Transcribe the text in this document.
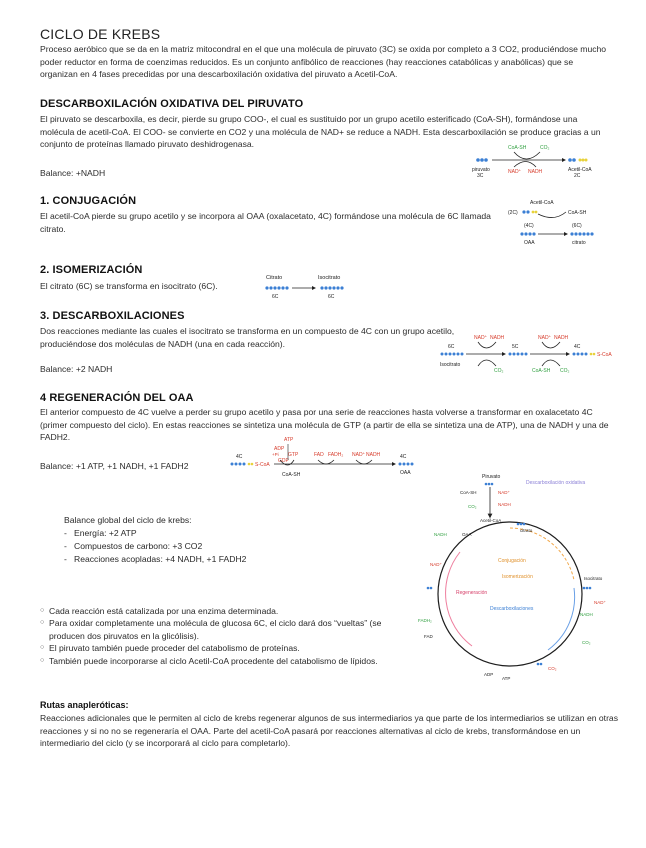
CICLO DE KREBS
Proceso aeróbico que se da en la matriz mitocondral en el que una molécula de piruvato (3C) se oxida por completo a 3 CO2, produciéndose mucho poder reductor en forma de coenzimas reducidos. Es un conjunto anfibólico de reacciones (hay reacciones catabólicas y anabólicas) que se organizan en 4 fases precedidas por una descarboxilación oxidativa del piruvato a Acetil-CoA.
DESCARBOXILACIÓN OXIDATIVA DEL PIRUVATO
El piruvato se descarboxila, es decir, pierde su grupo COO-, el cual es sustituido por un grupo acetilo esterificado (CoA-SH), formándose una molécula de acetil-CoA. El COO- se convierte en CO2 y una molécula de NAD+ se reduce a NADH. Esta descarboxilación se produce gracias a un conjunto de proteínas llamado piruvato deshidrogenasa.
Balance: +NADH
CoA-SH	CO₂
piruvato
3C
NAD⁺ NADH	Acetil-CoA
2C
1. CONJUGACIÓN
El acetil-CoA pierde su grupo acetilo y se incorpora al OAA (oxalacetato, 4C) formándose una molécula de 6C llamada citrato.
Acetil-CoA
(2C)	CoA-SH
(4C)	(6C)
OAA	citrato
2. ISOMERIZACIÓN
El citrato (6C) se transforma en isocitrato (6C).
Citrato	Isocitrato
6C	6C
3. DESCARBOXILACIONES
Dos reacciones mediante las cuales el isocitrato se transforma en un compuesto de 4C con un grupo acetilo, produciéndose dos moléculas de NADH (una en cada reacción).
Balance: +2 NADH
NAD⁺ NADH	NAD⁺ NADH
6C	5C	4C
S-CoA
Isocitrato
CO₂	CoA-SH CO₂
4 REGENERACIÓN DEL OAA
El anterior compuesto de 4C vuelve a perder su grupo acetilo y pasa por una serie de reacciones hasta volverse a transformar en oxalacetato 4C (primer compuesto del ciclo). En estas reacciones se sintetiza una molécula de GTP (a partir de ella se sintetiza una de ATP), una de NADH y una de FADH2.
Balance: +1 ATP, +1 NADH, +1 FADH2
ATP
ADP
+Pi GTP
GDP
4C
S-CoA
CoA-SH
FAD FADH₂ NAD⁺ NADH	4C
OAA
Balance global del ciclo de krebs:
- Energía: +2 ATP
- Compuestos de carbono: +3 CO2
- Reacciones acopladas: +4 NADH, +1 FADH2
○ Cada reacción está catalizada por una enzima determinada.
○ Para oxidar completamente una molécula de glucosa 6C, el ciclo dará dos “vueltas” (se producen dos piruvatos en la glicólisis).
○ El piruvato también puede proceder del catabolismo de proteínas.
○ También puede incorporarse al ciclo Acetil-CoA procedente del catabolismo de lípidos.
Piruvato
CoA-SH	NAD⁺
NADH
CO₂
Descarboxilación oxidativa
Acetil-CoA
Conjugación
Isomerización
Regeneración
Descarboxilaciones
citrato
Isocitrato
NAD⁺
NADH
CO₂
CO₂
ATP
ADP
FADH₂
FAD
NAD⁺
NADH	OAA
Rutas anapleróticas:
Reacciones adicionales que le permiten al ciclo de krebs regenerar algunos de sus intermediarios ya que parte de los intermediarios se utilizan en otras reacciones y si no no se regeneraría el OAA. Parte del acetil-CoA pasará por reacciones alternativas al ciclo de krebs, transformándose en un intermediario del ciclo (y se incorporará al ciclo para completarlo).
